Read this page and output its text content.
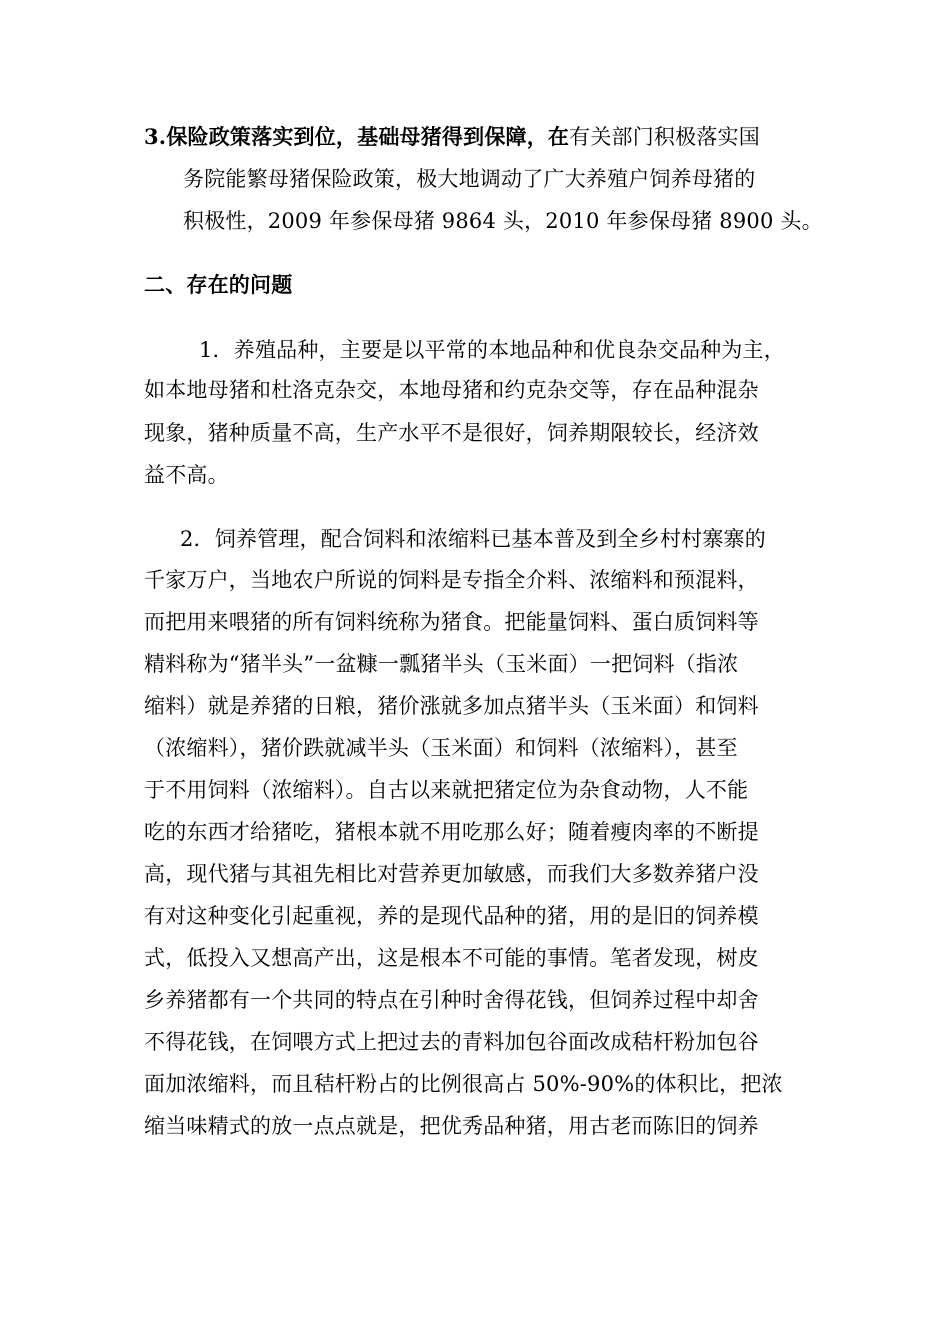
3.保险政策落实到位，基础母猪得到保障，在有关部门积极落实国
务院能繁母猪保险政策，极大地调动了广大养殖户饲养母猪的
积极性，2009 年参保母猪 9864 头，2010 年参保母猪 8900 头。
二、存在的问题
1．养殖品种，主要是以平常的本地品种和优良杂交品种为主，
如本地母猪和杜洛克杂交，本地母猪和约克杂交等，存在品种混杂
现象，猪种质量不高，生产水平不是很好，饲养期限较长，经济效
益不高。
2．饲养管理，配合饲料和浓缩料已基本普及到全乡村村寨寨的
千家万户，当地农户所说的饲料是专指全介料、浓缩料和预混料，
而把用来喂猪的所有饲料统称为猪食。把能量饲料、蛋白质饲料等
精料称为“猪半头”一盆糠一瓢猪半头（玉米面）一把饲料（指浓
缩料）就是养猪的日粮，猪价涨就多加点猪半头（玉米面）和饲料
（浓缩料），猪价跌就减半头（玉米面）和饲料（浓缩料），甚至
于不用饲料（浓缩料）。自古以来就把猪定位为杂食动物，人不能
吃的东西才给猪吃，猪根本就不用吃那么好；随着瘦肉率的不断提
高，现代猪与其祖先相比对营养更加敏感，而我们大多数养猪户没
有对这种变化引起重视，养的是现代品种的猪，用的是旧的饲养模
式，低投入又想高产出，这是根本不可能的事情。笔者发现，树皮
乡养猪都有一个共同的特点在引种时舍得花钱，但饲养过程中却舍
不得花钱，在饲喂方式上把过去的青料加包谷面改成秸杆粉加包谷
面加浓缩料，而且秸杆粉占的比例很高占 50%-90%的体积比，把浓
缩当味精式的放一点点就是，把优秀品种猪，用古老而陈旧的饲养
